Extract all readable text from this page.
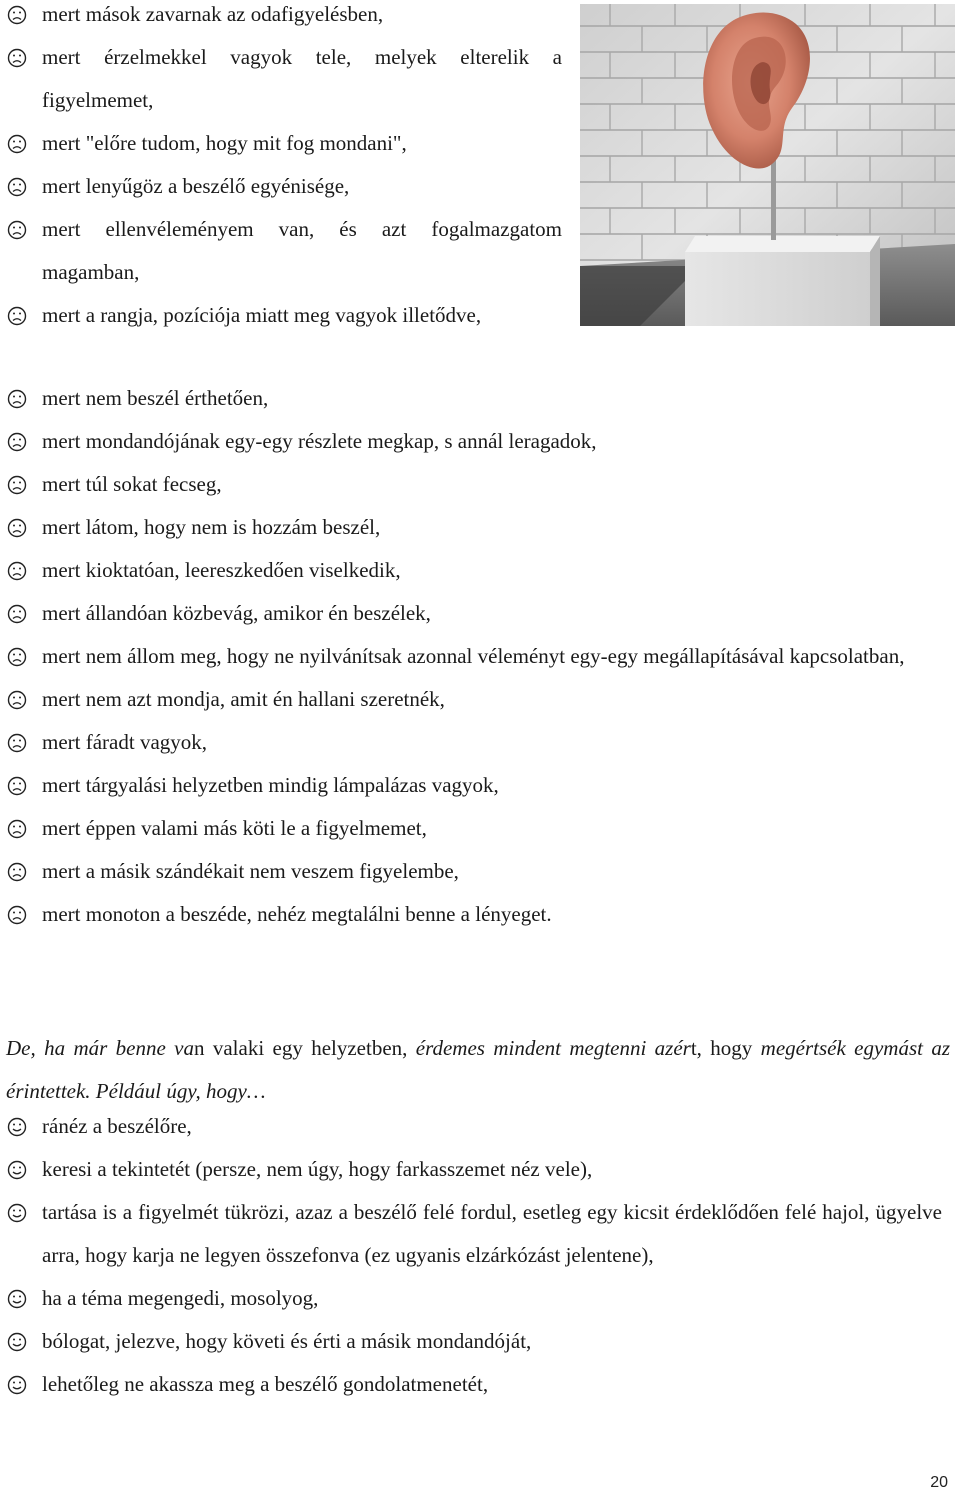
mert mások zavarnak az odafigyelésben,
mert érzelmekkel vagyok tele, melyek elterelik a figyelmemet,
mert "előre tudom, hogy mit fog mondani",
mert lenyűgöz a beszélő egyénisége,
mert ellenvéleményem van, és azt fogalmazgatom magamban,
mert a rangja, pozíciója miatt meg vagyok illetődve,
mert nem beszél érthetően,
mert mondandójának egy-egy részlete megkap, s annál leragadok,
mert túl sokat fecseg,
mert látom, hogy nem is hozzám beszél,
mert kioktatóan, leereszkedően viselkedik,
mert állandóan közbevág, amikor én beszélek,
mert nem állom meg, hogy ne nyilvánítsak azonnal véleményt egy-egy megállapításával kapcsolatban,
mert nem azt mondja, amit én hallani szeretnék,
mert fáradt vagyok,
mert tárgyalási helyzetben mindig lámpalázas vagyok,
mert éppen valami más köti le a figyelmemet,
mert a másik szándékait nem veszem figyelembe,
mert monoton a beszéde, nehéz megtalálni benne a lényeget.

De, ha már benne van valaki egy helyzetben, érdemes mindent megtenni azért, hogy megértsék egymást az érintettek. Például úgy, hogy…

ránéz a beszélőre,
keresi a tekintetét (persze, nem úgy, hogy farkasszemet néz vele),
tartása is a figyelmét tükrözi, azaz a beszélő felé fordul, esetleg egy kicsit érdeklődően felé hajol, ügyelve arra, hogy karja ne legyen összefonva (ez ugyanis elzárkózást jelentene),
ha a téma megengedi, mosolyog,
bólogat, jelezve, hogy követi és érti a másik mondandóját,
lehetőleg ne akassza meg a beszélő gondolatmenetét,
20
